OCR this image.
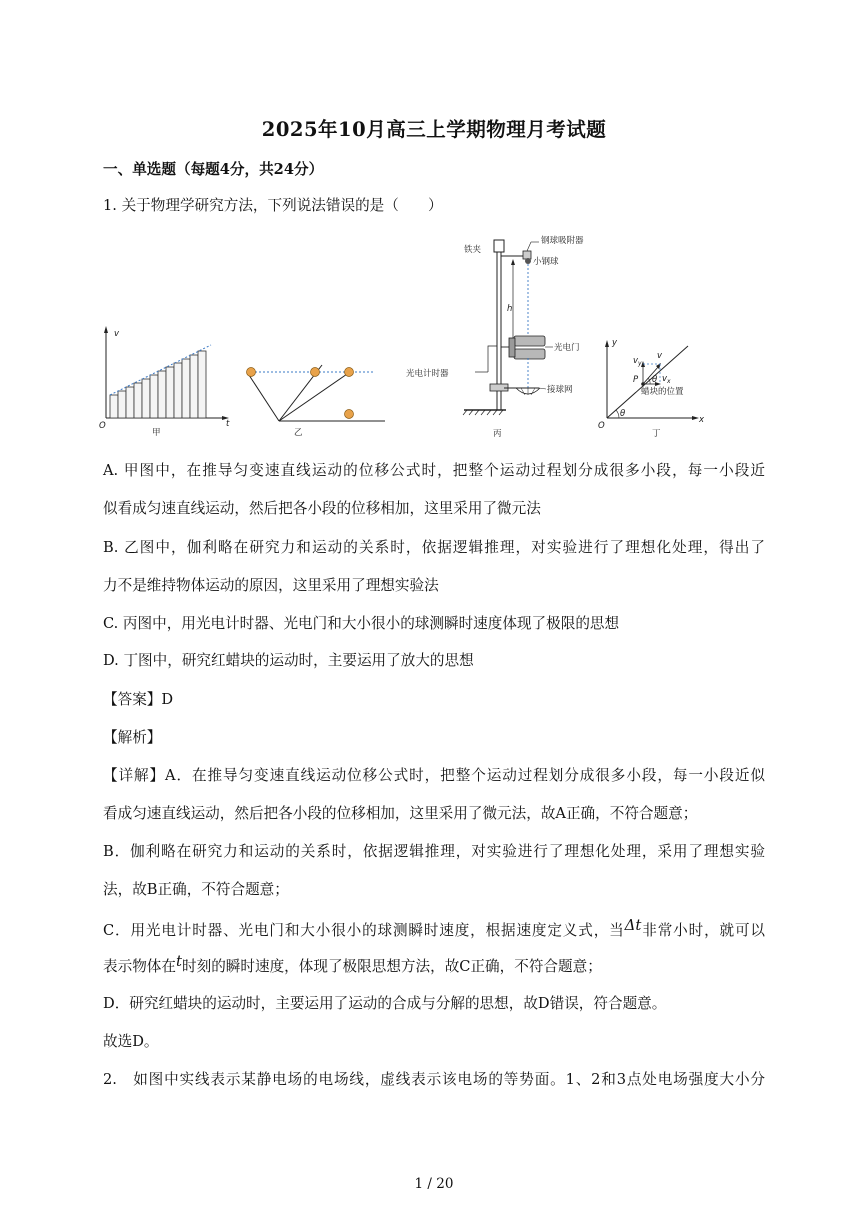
2025年10月高三上学期物理月考试题
一、单选题（每题4分，共24分）
1. 关于物理学研究方法，下列说法错误的是（　　）
v
t
O
甲	乙
铁夹
钢球吸附器
小钢球
h
光电门
光电计时器
接球网
丙
y
x
O
θ
θ
$v_y$
v
$v_x$
P
蜡块的位置
丁
A. 甲图中，在推导匀变速直线运动的位移公式时，把整个运动过程划分成很多小段，每一小段近
似看成匀速直线运动，然后把各小段的位移相加，这里采用了微元法
B. 乙图中，伽利略在研究力和运动的关系时，依据逻辑推理，对实验进行了理想化处理，得出了
力不是维持物体运动的原因，这里采用了理想实验法
C. 丙图中，用光电计时器、光电门和大小很小的球测瞬时速度体现了极限的思想
D. 丁图中，研究红蜡块的运动时，主要运用了放大的思想
【答案】D
【解析】
【详解】A．在推导匀变速直线运动位移公式时，把整个运动过程划分成很多小段，每一小段近似
看成匀速直线运动，然后把各小段的位移相加，这里采用了微元法，故A正确，不符合题意；
B．伽利略在研究力和运动的关系时，依据逻辑推理，对实验进行了理想化处理，采用了理想实验
法，故B正确，不符合题意；
C．用光电计时器、光电门和大小很小的球测瞬时速度，根据速度定义式，当Δt非常小时，就可以
表示物体在t时刻的瞬时速度，体现了极限思想方法，故C正确，不符合题意；
D．研究红蜡块的运动时，主要运用了运动的合成与分解的思想，故D错误，符合题意。
故选D。
2.　如图中实线表示某静电场的电场线，虚线表示该电场的等势面。1、2和3点处电场强度大小分
1 / 20
